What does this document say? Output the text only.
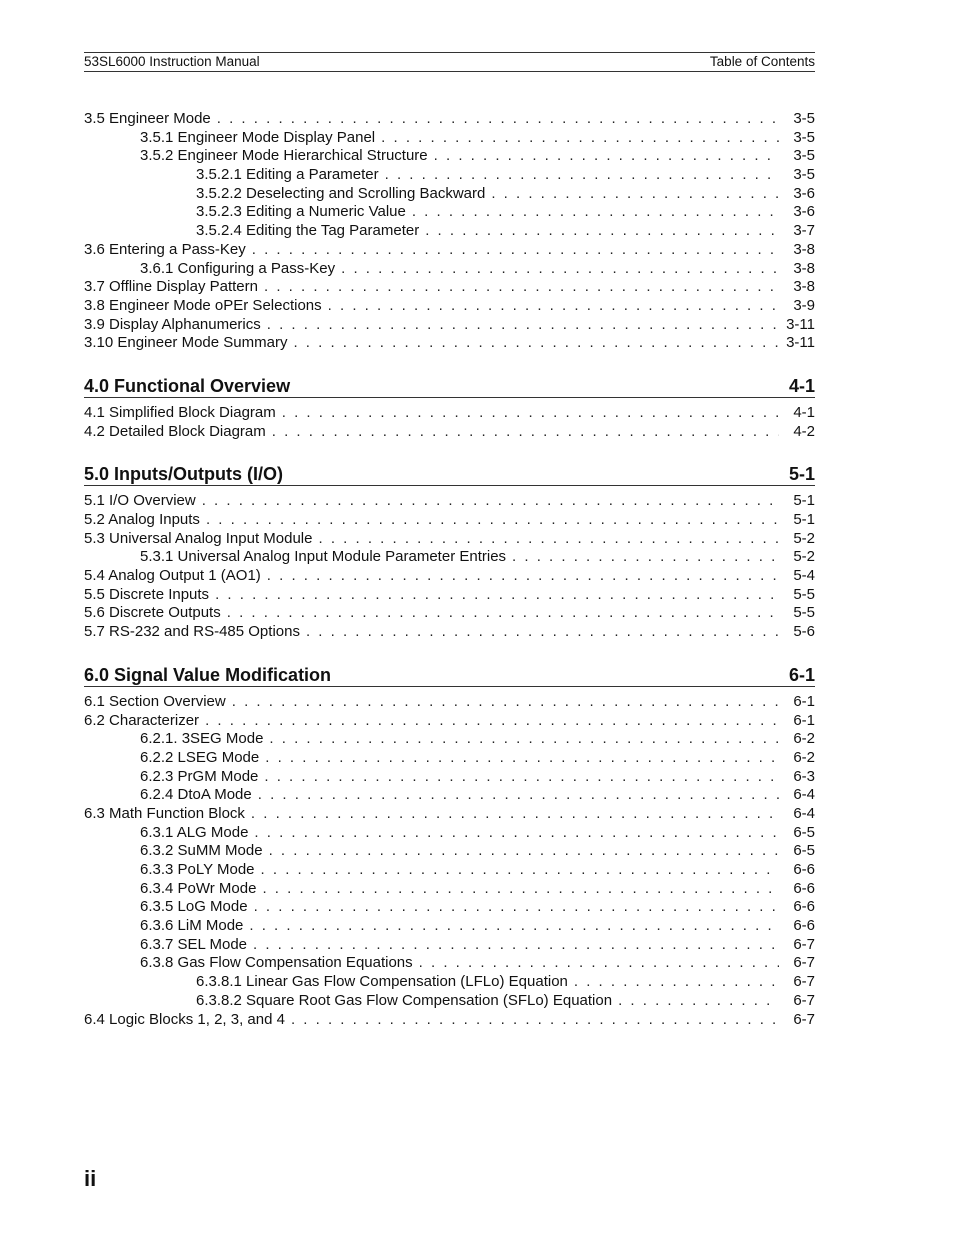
53SL6000 Instruction Manual	Table of Contents
3.5 Engineer Mode . . .	3-5
3.5.1 Engineer Mode Display Panel . . .	3-5
3.5.2 Engineer Mode Hierarchical Structure . . .	3-5
3.5.2.1 Editing a Parameter . . .	3-5
3.5.2.2 Deselecting and Scrolling Backward . . .	3-6
3.5.2.3 Editing a Numeric Value . . .	3-6
3.5.2.4 Editing the Tag Parameter . . .	3-7
3.6 Entering a Pass-Key . . .	3-8
3.6.1 Configuring a Pass-Key . . .	3-8
3.7 Offline Display Pattern . . .	3-8
3.8 Engineer Mode oPEr Selections . . .	3-9
3.9 Display Alphanumerics . . .	3-11
3.10 Engineer Mode Summary . . .	3-11
4.0 Functional Overview	4-1
4.1 Simplified Block Diagram . . .	4-1
4.2 Detailed Block Diagram . . .	4-2
5.0 Inputs/Outputs (I/O)	5-1
5.1 I/O Overview . . .	5-1
5.2 Analog Inputs . . .	5-1
5.3 Universal Analog Input Module . . .	5-2
5.3.1 Universal Analog Input Module Parameter Entries . . .	5-2
5.4 Analog Output 1 (AO1) . . .	5-4
5.5 Discrete Inputs . . .	5-5
5.6 Discrete Outputs . . .	5-5
5.7 RS-232 and RS-485 Options . . .	5-6
6.0 Signal Value Modification	6-1
6.1 Section Overview . . .	6-1
6.2 Characterizer . . .	6-1
6.2.1. 3SEG Mode . . .	6-2
6.2.2 LSEG Mode . . .	6-2
6.2.3 PrGM Mode . . .	6-3
6.2.4 DtoA Mode . . .	6-4
6.3 Math Function Block . . .	6-4
6.3.1 ALG Mode . . .	6-5
6.3.2 SuMM Mode . . .	6-5
6.3.3 PoLY Mode . . .	6-6
6.3.4 PoWr Mode . . .	6-6
6.3.5 LoG Mode . . .	6-6
6.3.6 LiM Mode . . .	6-6
6.3.7 SEL Mode . . .	6-7
6.3.8 Gas Flow Compensation Equations . . .	6-7
6.3.8.1 Linear Gas Flow Compensation (LFLo) Equation . . .	6-7
6.3.8.2 Square Root Gas Flow Compensation (SFLo) Equation . . .	6-7
6.4 Logic Blocks 1, 2, 3, and 4 . . .	6-7
ii
